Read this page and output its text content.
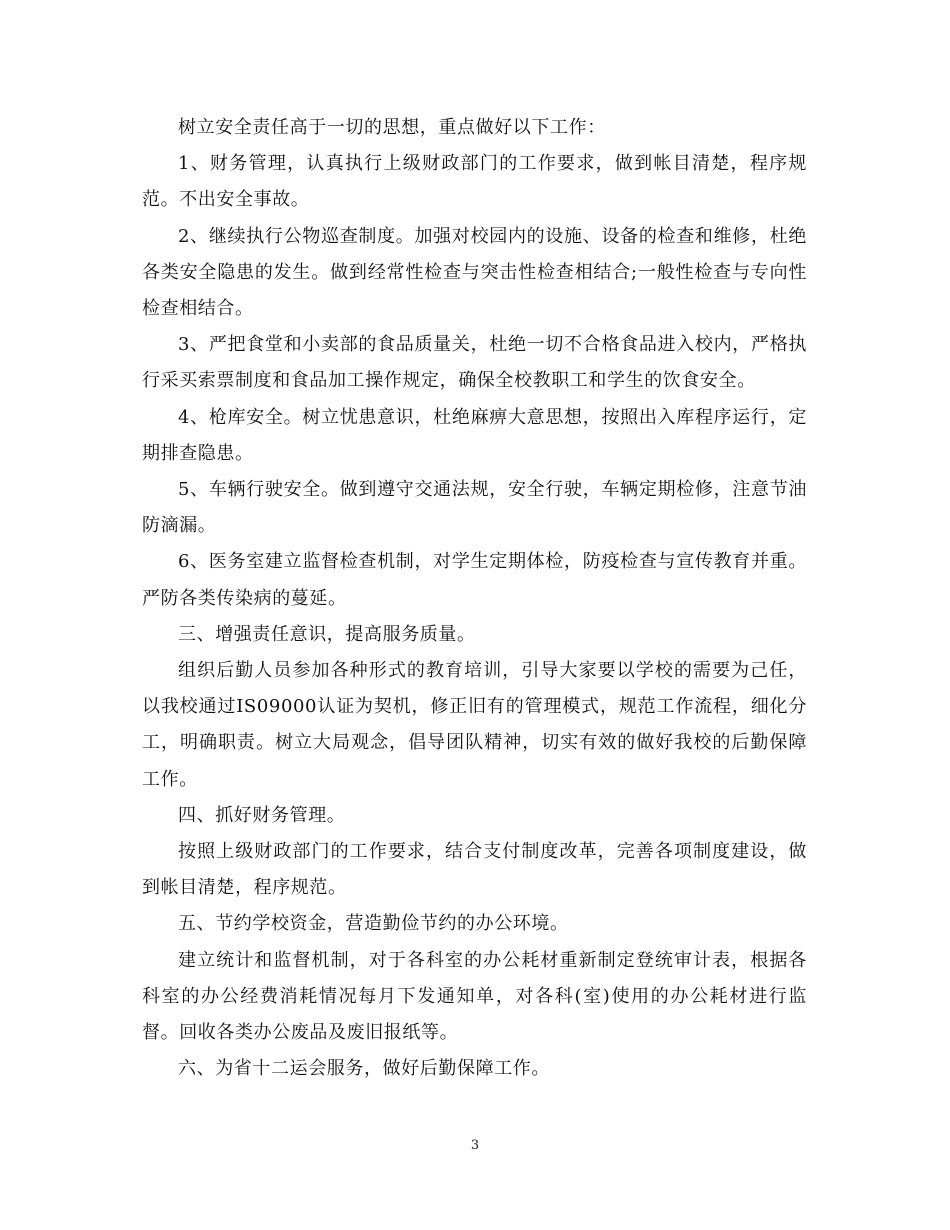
树立安全责任高于一切的思想，重点做好以下工作：

1、财务管理，认真执行上级财政部门的工作要求，做到帐目清楚，程序规范。不出安全事故。

2、继续执行公物巡查制度。加强对校园内的设施、设备的检查和维修，杜绝各类安全隐患的发生。做到经常性检查与突击性检查相结合;一般性检查与专向性检查相结合。

3、严把食堂和小卖部的食品质量关，杜绝一切不合格食品进入校内，严格执行采买索票制度和食品加工操作规定，确保全校教职工和学生的饮食安全。

4、枪库安全。树立忧患意识，杜绝麻痹大意思想，按照出入库程序运行，定期排查隐患。

5、车辆行驶安全。做到遵守交通法规，安全行驶，车辆定期检修，注意节油防滴漏。

6、医务室建立监督检查机制，对学生定期体检，防疫检查与宣传教育并重。严防各类传染病的蔓延。

三、增强责任意识，提高服务质量。

组织后勤人员参加各种形式的教育培训，引导大家要以学校的需要为己任，以我校通过IS09000认证为契机，修正旧有的管理模式，规范工作流程，细化分工，明确职责。树立大局观念，倡导团队精神，切实有效的做好我校的后勤保障工作。

四、抓好财务管理。

按照上级财政部门的工作要求，结合支付制度改革，完善各项制度建设，做到帐目清楚，程序规范。

五、节约学校资金，营造勤俭节约的办公环境。

建立统计和监督机制，对于各科室的办公耗材重新制定登统审计表，根据各科室的办公经费消耗情况每月下发通知单，对各科(室)使用的办公耗材进行监督。回收各类办公废品及废旧报纸等。

六、为省十二运会服务，做好后勤保障工作。

3
